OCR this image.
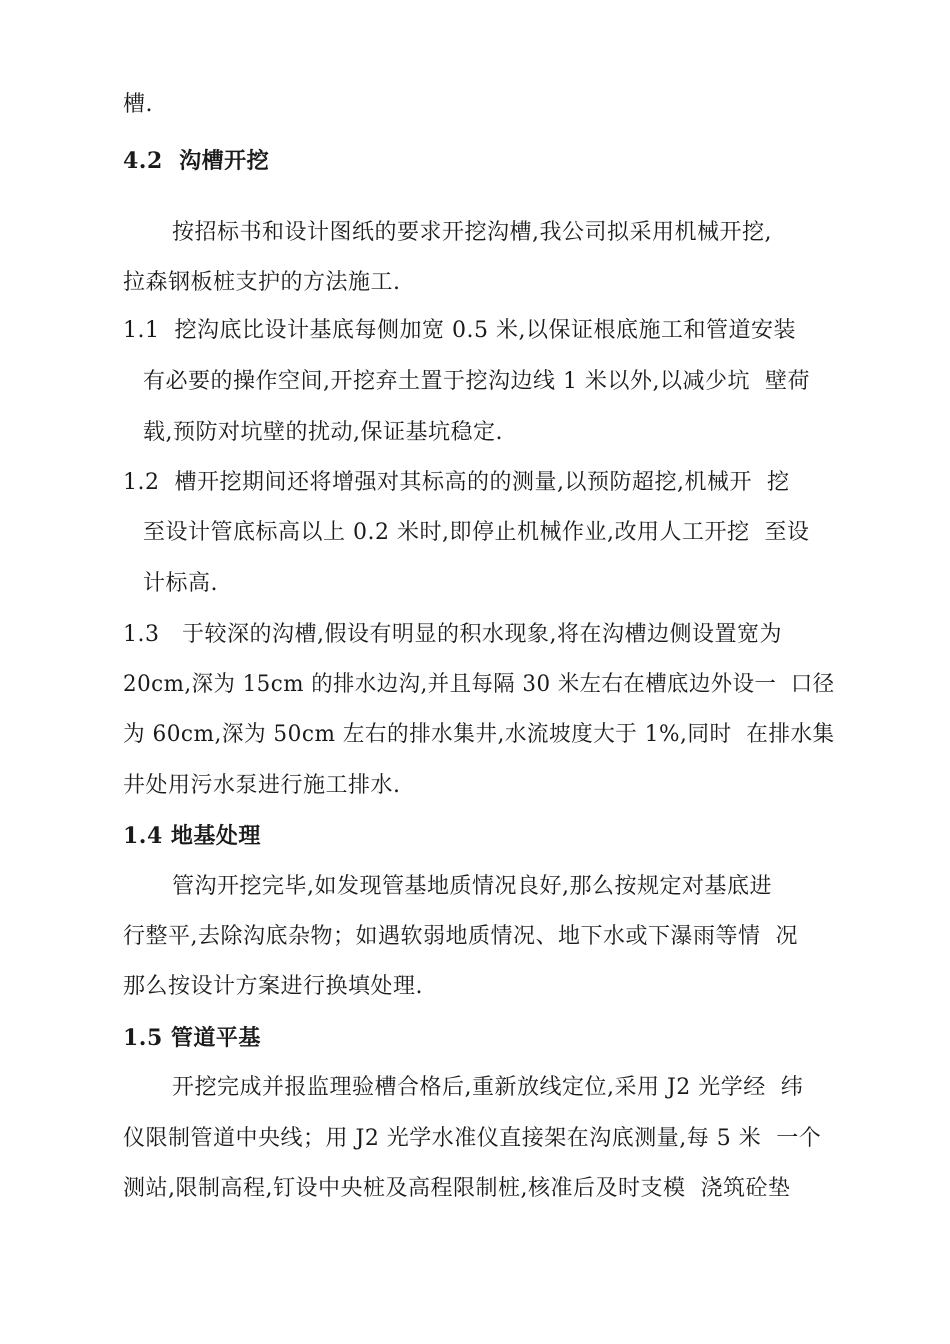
槽.
4.2  沟槽开挖
按招标书和设计图纸的要求开挖沟槽,我公司拟采用机械开挖,
拉森钢板桩支护的方法施工.
1.1  挖沟底比设计基底每侧加宽 0.5 米,以保证根底施工和管道安装
有必要的操作空间,开挖弃土置于挖沟边线 1 米以外,以减少坑  壁荷
载,预防对坑壁的扰动,保证基坑稳定.
1.2  槽开挖期间还将增强对其标高的的测量,以预防超挖,机械开  挖
至设计管底标高以上 0.2 米时,即停止机械作业,改用人工开挖  至设
计标高.
1.3   于较深的沟槽,假设有明显的积水现象,将在沟槽边侧设置宽为
20cm,深为 15cm 的排水边沟,并且每隔 30 米左右在槽底边外设一  口径
为 60cm,深为 50cm 左右的排水集井,水流坡度大于 1%,同时  在排水集
井处用污水泵进行施工排水.
1.4 地基处理
管沟开挖完毕,如发现管基地质情况良好,那么按规定对基底进
行整平,去除沟底杂物；如遇软弱地质情况、地下水或下瀑雨等情  况
那么按设计方案进行换填处理.
1.5 管道平基
开挖完成并报监理验槽合格后,重新放线定位,采用 J2 光学经  纬
仪限制管道中央线；用 J2 光学水准仪直接架在沟底测量,每 5 米  一个
测站,限制高程,钉设中央桩及高程限制桩,核准后及时支模  浇筑砼垫
